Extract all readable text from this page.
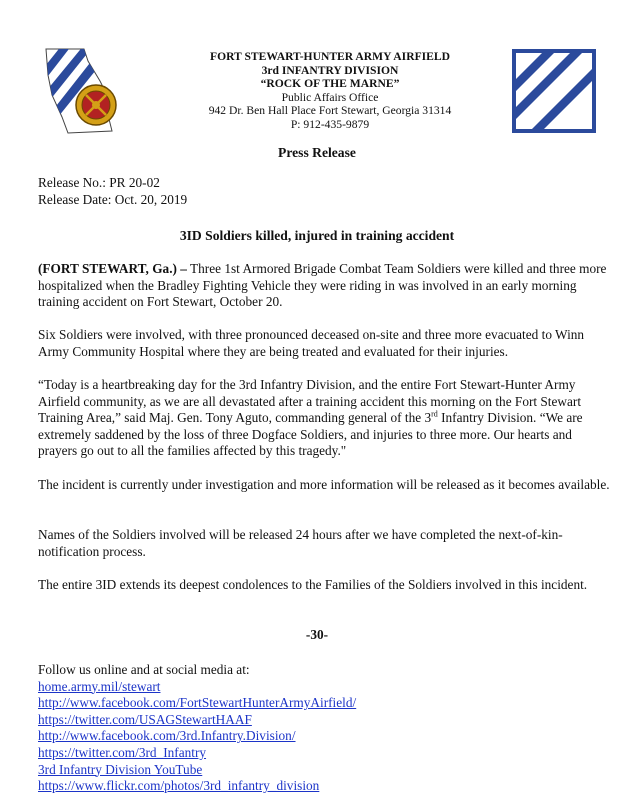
FORT STEWART-HUNTER ARMY AIRFIELD
3rd INFANTRY DIVISION
“ROCK OF THE MARNE”
Public Affairs Office
942 Dr. Ben Hall Place Fort Stewart, Georgia 31314
P: 912-435-9879
Press Release
Release No.: PR 20-02
Release Date: Oct. 20, 2019
3ID Soldiers killed, injured in training accident
(FORT STEWART, Ga.) – Three 1st Armored Brigade Combat Team Soldiers were killed and three more hospitalized when the Bradley Fighting Vehicle they were riding in was involved in an early morning training accident on Fort Stewart, October 20.
Six Soldiers were involved, with three pronounced deceased on-site and three more evacuated to Winn Army Community Hospital where they are being treated and evaluated for their injuries.
“Today is a heartbreaking day for the 3rd Infantry Division, and the entire Fort Stewart-Hunter Army Airfield community, as we are all devastated after a training accident this morning on the Fort Stewart Training Area,” said Maj. Gen. Tony Aguto, commanding general of the 3rd Infantry Division. “We are extremely saddened by the loss of three Dogface Soldiers, and injuries to three more. Our hearts and prayers go out to all the families affected by this tragedy."
The incident is currently under investigation and more information will be released as it becomes available.
Names of the Soldiers involved will be released 24 hours after we have completed the next-of-kin-notification process.
The entire 3ID extends its deepest condolences to the Families of the Soldiers involved in this incident.
-30-
Follow us online and at social media at:
home.army.mil/stewart
http://www.facebook.com/FortStewartHunterArmyAirfield/
https://twitter.com/USAGStewartHAAF
http://www.facebook.com/3rd.Infantry.Division/
https://twitter.com/3rd_Infantry
3rd Infantry Division YouTube
https://www.flickr.com/photos/3rd_infantry_division
